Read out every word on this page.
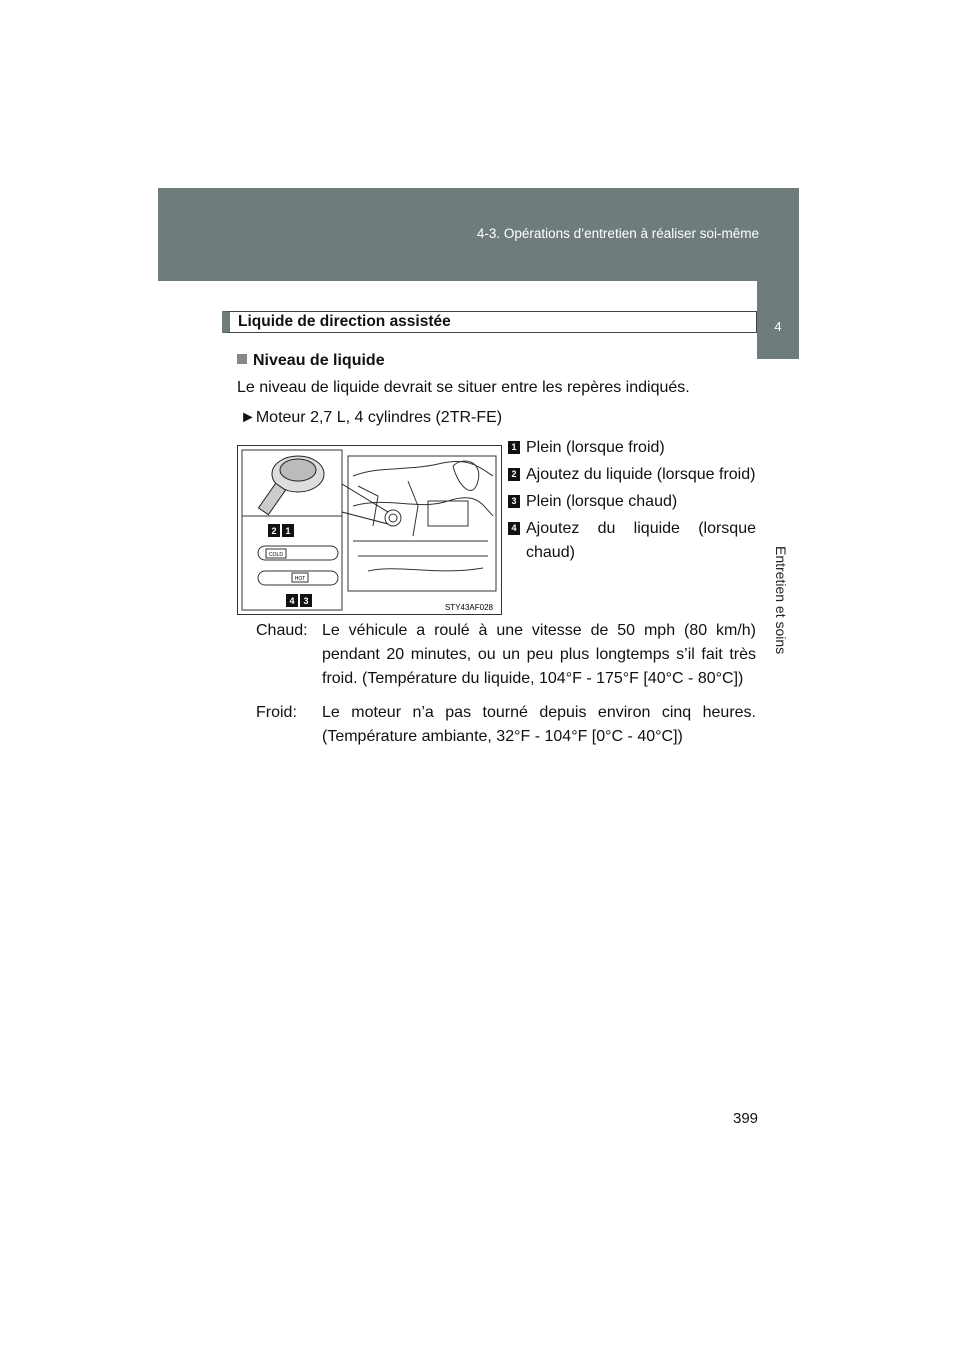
4-3. Opérations d’entretien à réaliser soi-même
4
Entretien et soins
Liquide de direction assistée
Niveau de liquide
Le niveau de liquide devrait se situer entre les repères indiqués.
►Moteur 2,7 L, 4 cylindres (2TR-FE)
COLD
HOT
2 1
4 3
STY43AF028
1 Plein (lorsque froid)
2 Ajoutez du liquide (lorsque froid)
3 Plein (lorsque chaud)
4 Ajoutez du liquide (lorsque chaud)
Chaud: Le véhicule a roulé à une vitesse de 50 mph (80 km/h) pendant 20 minutes, ou un peu plus longtemps s’il fait très froid. (Température du liquide, 104°F - 175°F [40°C - 80°C])
Froid:	Le moteur n’a pas tourné depuis environ cinq heures. (Température ambiante, 32°F - 104°F [0°C - 40°C])
399
